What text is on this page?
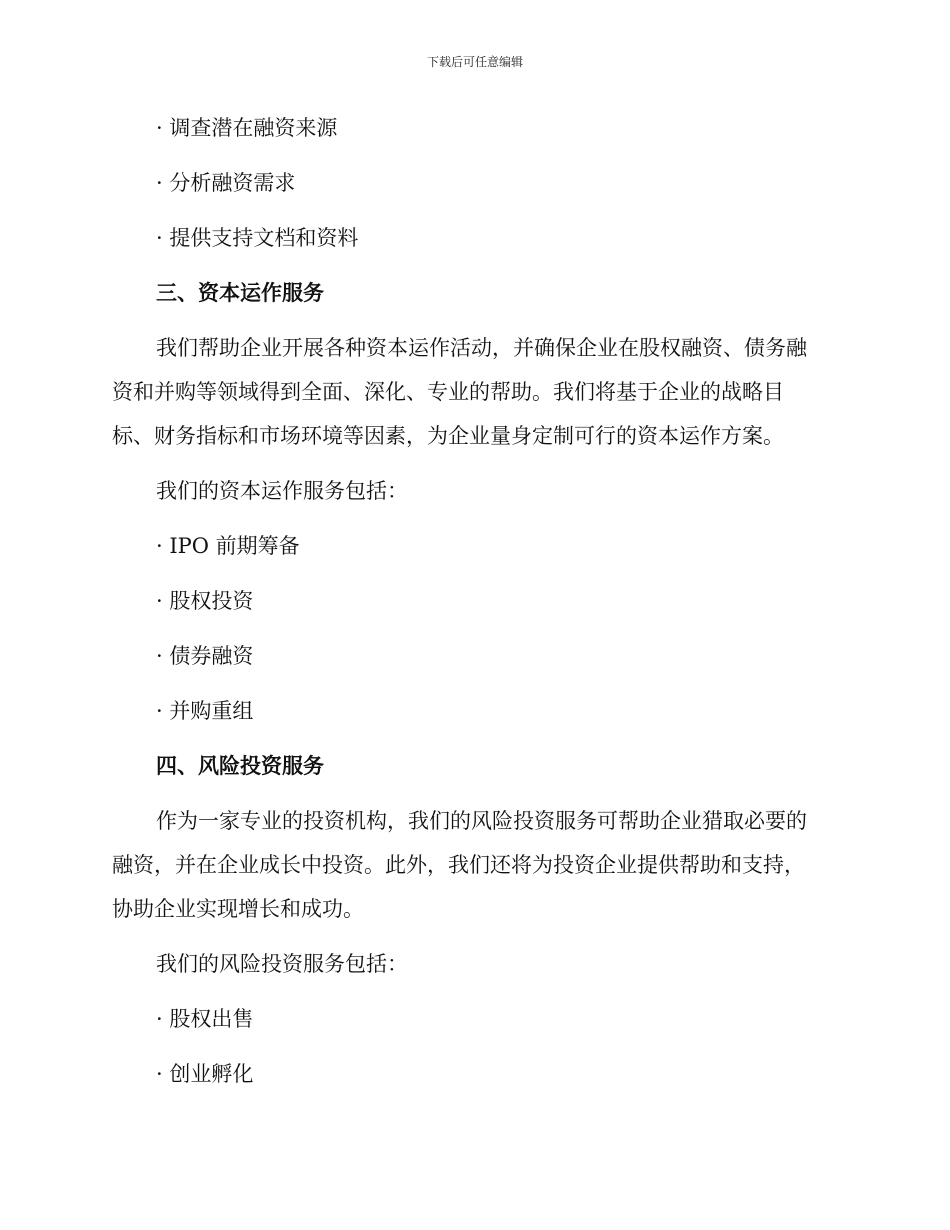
下载后可任意编辑
· 调查潜在融资来源
· 分析融资需求
· 提供支持文档和资料
三、资本运作服务
我们帮助企业开展各种资本运作活动，并确保企业在股权融资、债务融
资和并购等领域得到全面、深化、专业的帮助。我们将基于企业的战略目
标、财务指标和市场环境等因素，为企业量身定制可行的资本运作方案。
我们的资本运作服务包括：
· IPO 前期筹备
· 股权投资
· 债券融资
· 并购重组
四、风险投资服务
作为一家专业的投资机构，我们的风险投资服务可帮助企业猎取必要的
融资，并在企业成长中投资。此外，我们还将为投资企业提供帮助和支持，
协助企业实现增长和成功。
我们的风险投资服务包括：
· 股权出售
· 创业孵化
